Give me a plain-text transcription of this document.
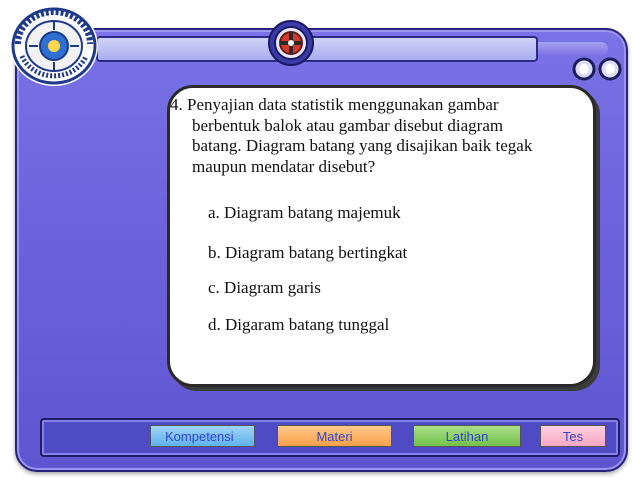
4. Penyajian data statistik menggunakan gambar
berbentuk balok atau gambar disebut diagram
batang. Diagram batang yang disajikan baik tegak
maupun mendatar disebut?
a. Diagram batang majemuk
b. Diagram batang bertingkat
c. Diagram garis
d. Digaram batang tunggal
Kompetensi	Materi	Latihan	Tes
